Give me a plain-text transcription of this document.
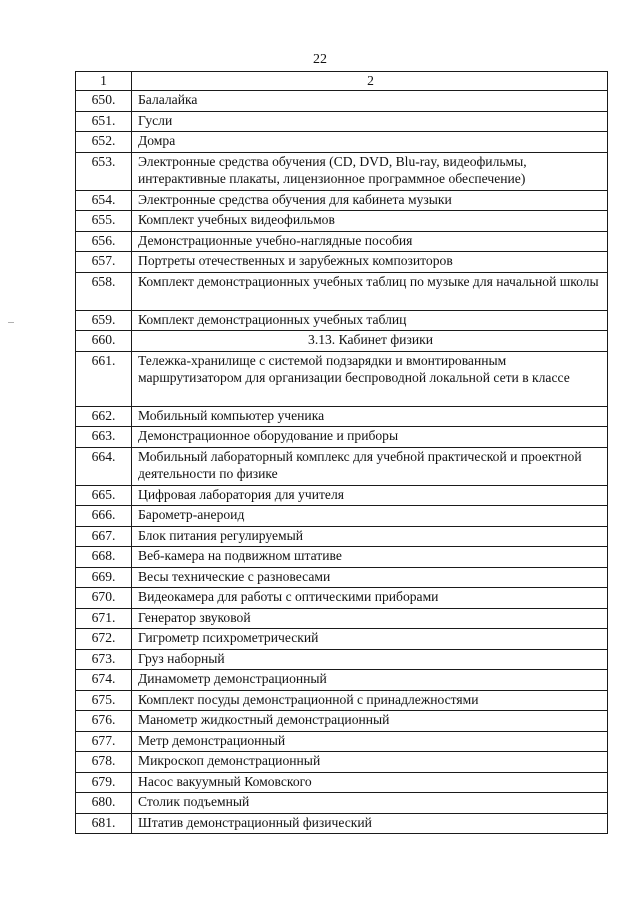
22
1	2
650.	Балалайка
651.	Гусли
652.	Домра
653.	Электронные средства обучения (CD, DVD, Blu-ray, видеофильмы, интерактивные плакаты, лицензионное программное обеспечение)
654.	Электронные средства обучения для кабинета музыки
655.	Комплект учебных видеофильмов
656.	Демонстрационные учебно-наглядные пособия
657.	Портреты отечественных и зарубежных композиторов
658.	Комплект демонстрационных учебных таблиц по музыке для начальной школы
659.	Комплект демонстрационных учебных таблиц
660.	3.13. Кабинет физики
661.	Тележка-хранилище с системой подзарядки и вмонтированным маршрутизатором для организации беспроводной локальной сети в классе
662.	Мобильный компьютер ученика
663.	Демонстрационное оборудование и приборы
664.	Мобильный лабораторный комплекс для учебной практической и проектной деятельности по физике
665.	Цифровая лаборатория для учителя
666.	Барометр-анероид
667.	Блок питания регулируемый
668.	Веб-камера на подвижном штативе
669.	Весы технические с разновесами
670.	Видеокамера для работы с оптическими приборами
671.	Генератор звуковой
672.	Гигрометр психрометрический
673.	Груз наборный
674.	Динамометр демонстрационный
675.	Комплект посуды демонстрационной с принадлежностями
676.	Манометр жидкостный демонстрационный
677.	Метр демонстрационный
678.	Микроскоп демонстрационный
679.	Насос вакуумный Комовского
680.	Столик подъемный
681.	Штатив демонстрационный физический
